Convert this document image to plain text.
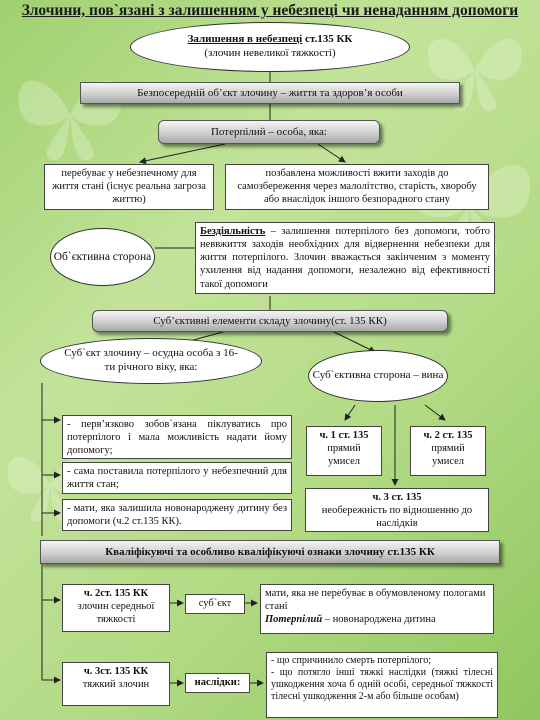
Злочини, пов`язані з залишенням у небезпеці чи ненаданням допомоги
Залишення в небезпеці ст.135 КК
(злочин невеликої тяжкості)
Безпосередній об’єкт злочину – життя та здоров’я особи
Потерпілий – особа, яка:
перебуває у небезпечному для життя стані (існує реальна загроза життю)
позбавлена можливості вжити заходів до самозбереження через малолітство, старість, хворобу або внаслідок іншого безпорадного стану
Об`єктивна сторона
Бездіяльність – залишення потерпілого без допомоги, тобто неввжиття заходів необхідних для відвернення небезпеки для життя потерпілого. Злочин вважається закінченим з моменту ухилення від надання допомоги, незалежно від ефективності такої допомоги
Суб’єктивні елементи складу злочину (ст. 135 КК)
Суб`єкт злочину – осудна особа з 16-ти річного віку, яка:
Суб`єктивна сторона – вина
- перв’язково зобов`язана піклуватись про потерпілого і мала можливість надати йому допомогу;
- сама поставила потерпілого у небезпечний для життя стан;
- мати, яка залишила новонароджену дитину без допомоги (ч.2 ст.135 КК).
ч. 1 ст. 135
прямий умисел
ч. 2 ст. 135
прямий умисел
ч. 3 ст. 135
необережність по відношенню до наслідків
Кваліфікуючі та особливо кваліфікуючі ознаки злочину ст.135 КК
ч. 2ст. 135 КК
злочин середньої тяжкості
суб`єкт
мати, яка не перебуває в обумовленому пологами стані
Потерпілий – новонароджена дитина
ч. 3ст. 135 КК
тяжкий злочин	наслідки:
- що спричинило смерть потерпілого;
- що потягло інші тяжкі наслідки (тяжкі тілесні ушкодження хоча б одній особі, середньої тяжкості тілесні ушкодження 2-м або більше особам)
